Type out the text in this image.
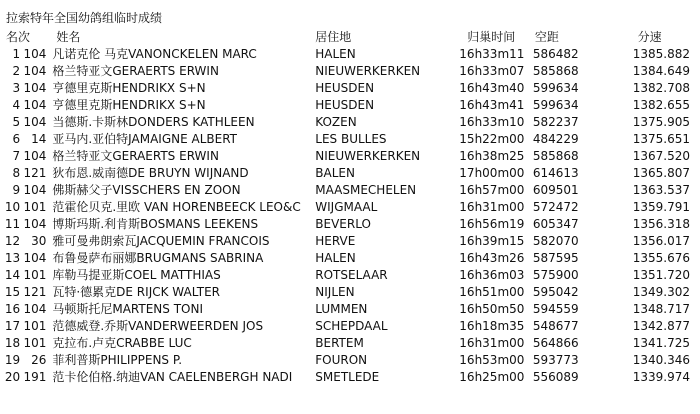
拉索特年全国幼鸽组临时成绩
名次		姓名	居住地	归巢时间	空距	分速
1	104	凡诺克伦 马克VANONCKELEN MARC	HALEN	16h33m11	586482	1385.882
2	104	格兰特亚文GERAERTS ERWIN	NIEUWERKERKEN	16h33m07	585868	1384.649
3	104	亨德里克斯HENDRIKX S+N	HEUSDEN	16h43m40	599634	1382.708
4	104	亨德里克斯HENDRIKX S+N	HEUSDEN	16h43m41	599634	1382.655
5	104	当德斯.卡斯林DONDERS KATHLEEN	KOZEN	16h33m10	582237	1375.905
6	14	亚马内.亚伯特JAMAIGNE ALBERT	LES BULLES	15h22m00	484229	1375.651
7	104	格兰特亚文GERAERTS ERWIN	NIEUWERKERKEN	16h38m25	585868	1367.520
8	121	狄布恩.威南德DE BRUYN WIJNAND	BALEN	17h00m00	614613	1365.807
9	104	佛斯赫父子VISSCHERS EN ZOON	MAASMECHELEN	16h57m00	609501	1363.537
10	101	范霍伦贝克.里欧 VAN HORENBEECK LEO&C	WIJGMAAL	16h31m00	572472	1359.791
11	104	博斯玛斯.利肯斯BOSMANS LEEKENS	BEVERLO	16h56m19	605347	1356.318
12	30	雅可曼弗朗索瓦JACQUEMIN FRANCOIS	HERVE	16h39m15	582070	1356.017
13	104	布鲁曼萨布丽娜BRUGMANS SABRINA	HALEN	16h43m26	587595	1355.676
14	101	库勒马提亚斯COEL MATTHIAS	ROTSELAAR	16h36m03	575900	1351.720
15	121	瓦特·德累克DE RIJCK WALTER	NIJLEN	16h51m00	595042	1349.302
16	104	马顿斯托尼MARTENS TONI	LUMMEN	16h50m50	594559	1348.717
17	101	范德威登.乔斯VANDERWEERDEN JOS	SCHEPDAAL	16h18m35	548677	1342.877
18	101	克拉布.卢克CRABBE LUC	BERTEM	16h31m00	564866	1341.725
19	26	菲利普斯PHILIPPENS P.	FOURON	16h53m00	593773	1340.346
20	191	范卡伦伯格.纳迪VAN CAELENBERGH NADI	SMETLEDE	16h25m00	556089	1339.974
